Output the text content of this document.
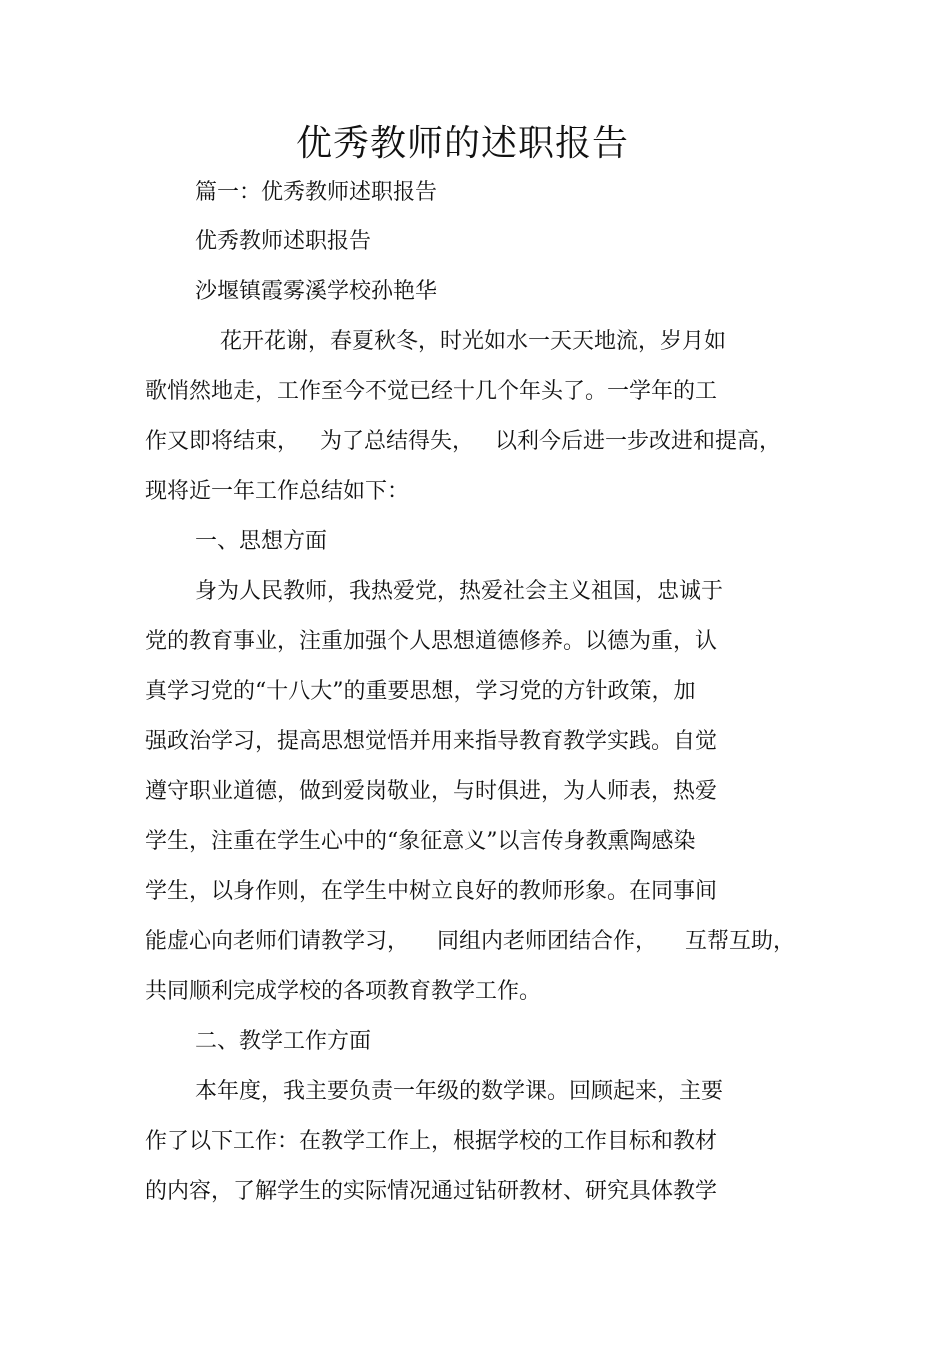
优秀教师的述职报告

篇一：优秀教师述职报告

优秀教师述职报告

沙堰镇霞雾溪学校孙艳华

花开花谢，春夏秋冬，时光如水一天天地流，岁月如

歌悄然地走，工作至今不觉已经十几个年头了。一学年的工

作又即将结束，   为了总结得失，   以利今后进一步改进和提高，

现将近一年工作总结如下：

一、思想方面

身为人民教师，我热爱党，热爱社会主义祖国，忠诚于

党的教育事业，注重加强个人思想道德修养。以德为重，认

真学习党的“十八大”的重要思想，学习党的方针政策，加

强政治学习，提高思想觉悟并用来指导教育教学实践。自觉

遵守职业道德，做到爱岗敬业，与时俱进，为人师表，热爱

学生，注重在学生心中的“象征意义”以言传身教熏陶感染

学生，以身作则，在学生中树立良好的教师形象。在同事间

能虚心向老师们请教学习，    同组内老师团结合作，    互帮互助，

共同顺利完成学校的各项教育教学工作。

二、教学工作方面

本年度，我主要负责一年级的数学课。回顾起来，主要

作了以下工作：在教学工作上，根据学校的工作目标和教材

的内容，了解学生的实际情况通过钻研教材、研究具体教学
